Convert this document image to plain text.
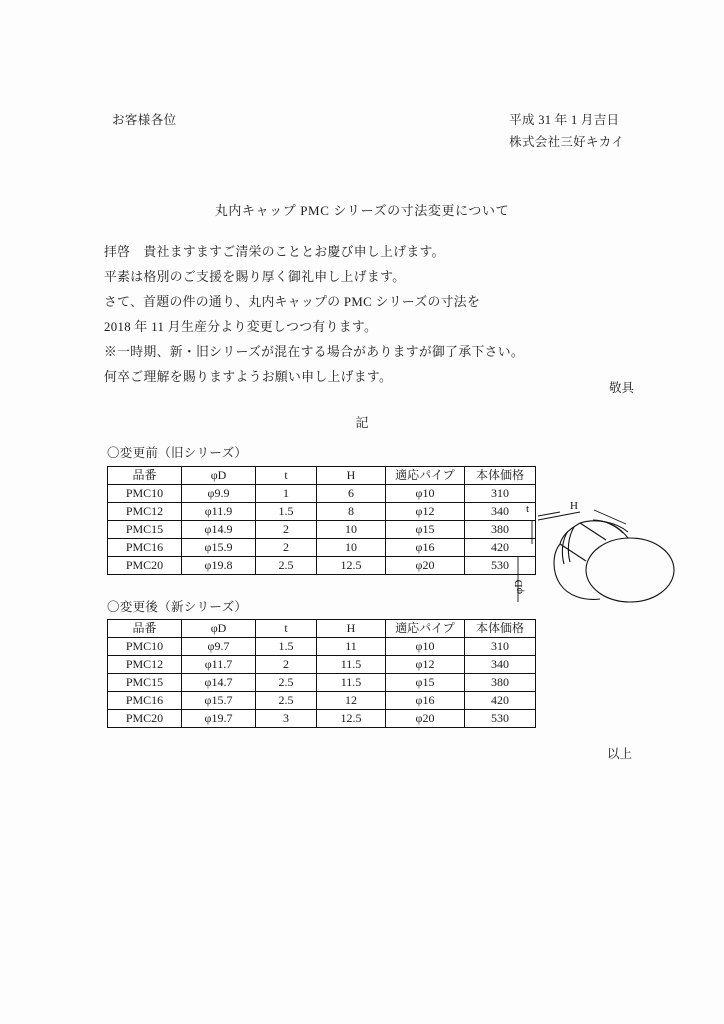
お客様各位	平成 31 年 1 月吉日
株式会社三好キカイ
丸内キャップ PMC シリーズの寸法変更について

拝啓　貴社ますますご清栄のこととお慶び申し上げます。

平素は格別のご支援を賜り厚く御礼申し上げます。

さて、首題の件の通り、丸内キャップの PMC シリーズの寸法を

2018 年 11 月生産分より変更しつつ有ります。

※一時期、新・旧シリーズが混在する場合がありますが御了承下さい。

何卒ご理解を賜りますようお願い申し上げます。

敬具
記
〇変更前（旧シリーズ）
品番	φD	t	H	適応パイプ	本体価格
PMC10	φ9.9	1	6	φ10	310
PMC12	φ11.9	1.5	8	φ12	340
PMC15	φ14.9	2	10	φ15	380
PMC16	φ15.9	2	10	φ16	420
PMC20	φ19.8	2.5	12.5	φ20	530
〇変更後（新シリーズ）
品番	φD	t	H	適応パイプ	本体価格
PMC10	φ9.7	1.5	11	φ10	310
PMC12	φ11.7	2	11.5	φ12	340
PMC15	φ14.7	2.5	11.5	φ15	380
PMC16	φ15.7	2.5	12	φ16	420
PMC20	φ19.7	3	12.5	φ20	530
t	H
φD
以上
